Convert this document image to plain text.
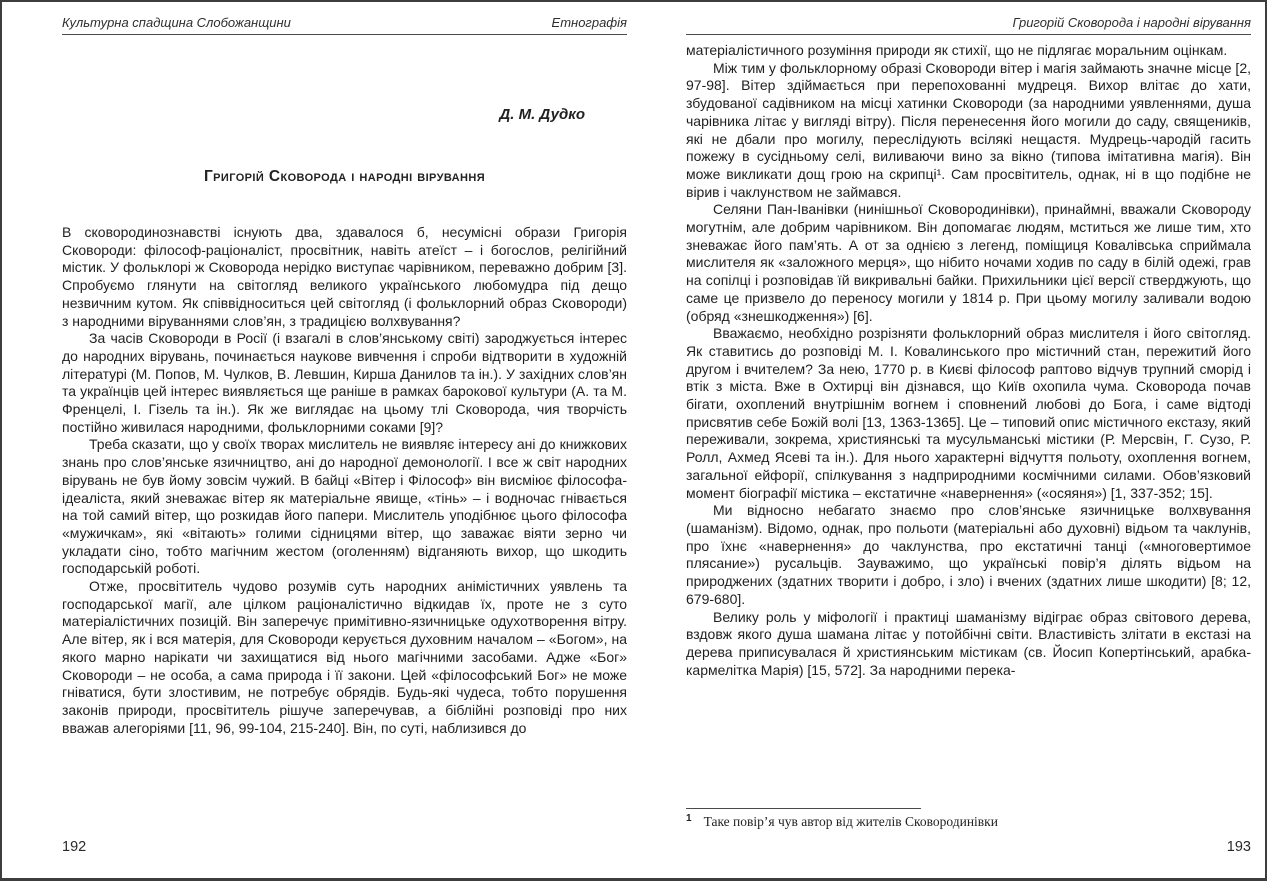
Культурна спадщина Слобожанщини	Етнографія
Д. М. Дудко
Григорій Сковорода і народні вірування

В сковородинознавстві існують два, здавалося б, несумісні образи Григорія Сковороди: філософ-раціоналіст, просвітник, навіть атеїст – і богослов, релігійний містик. У фольклорі ж Сковорода нерідко виступає чарівником, переважно добрим [3]. Спробуємо глянути на світогляд великого українського любомудра під дещо незвичним кутом. Як співвідноситься цей світогляд (і фольклорний образ Сковороди) з народними віруваннями слов’ян, з традицією волхвування?

За часів Сковороди в Росії (і взагалі в слов’янському світі) зароджується інтерес до народних вірувань, починається наукове вивчення і спроби відтворити в художній літературі (М. Попов, М. Чулков, В. Левшин, Кирша Данилов та ін.). У західних слов’ян та українців цей інтерес виявляється ще раніше в рамках барокової культури (А. та М. Френцелі, І. Гізель та ін.). Як же виглядає на цьому тлі Сковорода, чия творчість постійно живилася народними, фольклорними соками [9]?

Треба сказати, що у своїх творах мислитель не виявляє інтересу ані до книжкових знань про слов’янське язичництво, ані до народної демонології. І все ж світ народних вірувань не був йому зовсім чужий. В байці «Вітер і Філософ» він висміює філософа-ідеаліста, який зневажає вітер як матеріальне явище, «тінь» – і водночас гнівається на той самий вітер, що розкидав його папери. Мислитель уподібнює цього філософа «мужичкам», які «вітають» голими сідницями вітер, що заважає віяти зерно чи укладати сіно, тобто магічним жестом (оголенням) відганяють вихор, що шкодить господарській роботі.

Отже, просвітитель чудово розумів суть народних анімістичних уявлень та господарської магії, але цілком раціоналістично відкидав їх, проте не з суто матеріалістичних позицій. Він заперечує примітивно-язичницьке одухотворення вітру. Але вітер, як і вся матерія, для Сковороди керується духовним началом – «Богом», на якого марно нарікати чи захищатися від нього магічними засобами. Адже «Бог» Сковороди – не особа, а сама природа і її закони. Цей «філософський Бог» не може гніватися, бути злостивим, не потребує обрядів. Будь-які чудеса, тобто порушення законів природи, просвітитель рішуче заперечував, а біблійні розповіді про них вважав алегоріями [11, 96, 99-104, 215-240]. Він, по суті, наблизився до

192
Григорій Сковорода і народні вірування

матеріалістичного розуміння природи як стихії, що не підлягає моральним оцінкам.

Між тим у фольклорному образі Сковороди вітер і магія займають значне місце [2, 97-98]. Вітер здіймається при перепохованні мудреця. Вихор влітає до хати, збудованої садівником на місці хатинки Сковороди (за народними уявленнями, душа чарівника літає у вигляді вітру). Після перенесення його могили до саду, священиків, які не дбали про могилу, переслідують всілякі нещастя. Мудрець-чародій гасить пожежу в сусідньому селі, виливаючи вино за вікно (типова імітативна магія). Він може викликати дощ грою на скрипці¹. Сам просвітитель, однак, ні в що подібне не вірив і чаклунством не займався.

Селяни Пан-Іванівки (нинішньої Сковородинівки), принаймні, вважали Сковороду могутнім, але добрим чарівником. Він допомагає людям, мститься же лише тим, хто зневажає його пам’ять. А от за однією з легенд, поміщиця Ковалівська сприймала мислителя як «заложного мерця», що нібито ночами ходив по саду в білій одежі, грав на сопілці і розповідав їй викривальні байки. Прихильники цієї версії стверджують, що саме це призвело до переносу могили у 1814 р. При цьому могилу заливали водою (обряд «знешкодження») [6].

Вважаємо, необхідно розрізняти фольклорний образ мислителя і його світогляд. Як ставитись до розповіді М. І. Ковалинського про містичний стан, пережитий його другом і вчителем? За нею, 1770 р. в Києві філософ раптово відчув трупний сморід і втік з міста. Вже в Охтирці він дізнався, що Київ охопила чума. Сковорода почав бігати, охоплений внутрішнім вогнем і сповнений любові до Бога, і саме відтоді присвятив себе Божій волі [13, 1363-1365]. Це – типовий опис містичного екстазу, який переживали, зокрема, християнські та мусульманські містики (Р. Мерсвін, Г. Сузо, Р. Ролл, Ахмед Ясеві та ін.). Для нього характерні відчуття польоту, охоплення вогнем, загальної ейфорії, спілкування з надприродними космічними силами. Обов’язковий момент біографії містика – екстатичне «навернення» («осяяня») [1, 337-352; 15].

Ми відносно небагато знаємо про слов’янське язичницьке волхвування (шаманізм). Відомо, однак, про польоти (матеріальні або духовні) відьом та чаклунів, про їхнє «навернення» до чаклунства, про екстатичні танці («многовертимое плясание») русальців. Зауважимо, що українські повір’я ділять відьом на природжених (здатних творити і добро, і зло) і вчених (здатних лише шкодити) [8; 12, 679-680].

Велику роль у міфології і практиці шаманізму відіграє образ світового дерева, вздовж якого душа шамана літає у потойбічні світи. Властивість злітати в екстазі на дерева приписувалася й християнським містикам (св. Йосип Копертінський, арабка-кармелітка Марія) [15, 572]. За народними перека-

$^1$ Таке повір’я чув автор від жителів Сковородинівки
193
